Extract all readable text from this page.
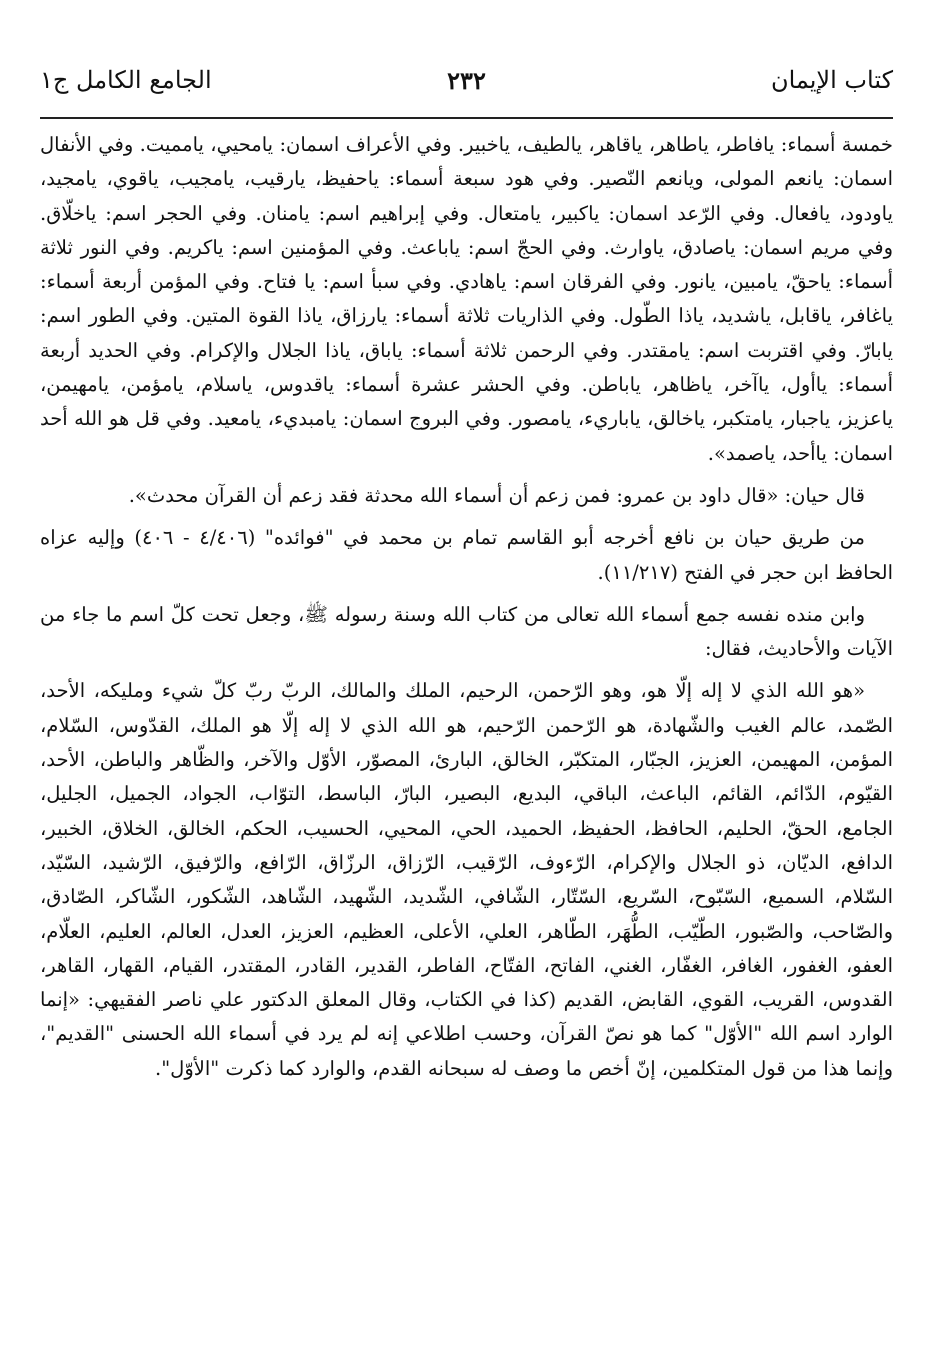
كتاب الإيمان
٢٣٢
الجامع الكامل ج١

خمسة أسماء: يافاطر، ياطاهر، ياقاهر، يالطيف، ياخبير. وفي الأعراف اسمان: يامحيي، يامميت. وفي الأنفال اسمان: يانعم المولى، ويانعم النّصير. وفي هود سبعة أسماء: ياحفيظ، يارقيب، يامجيب، ياقوي، يامجيد، ياودود، يافعال. وفي الرّعد اسمان: ياكبير، يامتعال. وفي إبراهيم اسم: يامنان. وفي الحجر اسم: ياخلّاق. وفي مريم اسمان: ياصادق، ياوارث. وفي الحجّ اسم: ياباعث. وفي المؤمنين اسم: ياكريم. وفي النور ثلاثة أسماء: ياحقّ، يامبين، يانور. وفي الفرقان اسم: ياهادي. وفي سبأ اسم: يا فتاح. وفي المؤمن أربعة أسماء: ياغافر، ياقابل، ياشديد، ياذا الطّول. وفي الذاريات ثلاثة أسماء: يارزاق، ياذا القوة المتين. وفي الطور اسم: يابارّ. وفي اقتربت اسم: يامقتدر. وفي الرحمن ثلاثة أسماء: ياباق، ياذا الجلال والإكرام. وفي الحديد أربعة أسماء: ياأول، ياآخر، ياظاهر، ياباطن. وفي الحشر عشرة أسماء: ياقدوس، ياسلام، يامؤمن، يامهيمن، ياعزيز، ياجبار، يامتكبر، ياخالق، ياباريء، يامصور. وفي البروج اسمان: يامبديء، يامعيد. وفي قل هو الله أحد اسمان: ياأحد، ياصمد».

قال حيان: «قال داود بن عمرو: فمن زعم أن أسماء الله محدثة فقد زعم أن القرآن محدث».

من طريق حيان بن نافع أخرجه أبو القاسم تمام بن محمد في "فوائده" (٤/٤٠٦ - ٤٠٦) وإليه عزاه الحافظ ابن حجر في الفتح (١١/٢١٧).

وابن منده نفسه جمع أسماء الله تعالى من كتاب الله وسنة رسوله ﷺ، وجعل تحت كلّ اسم ما جاء من الآيات والأحاديث، فقال:

«هو الله الذي لا إله إلّا هو، وهو الرّحمن، الرحيم، الملك والمالك، الربّ ربّ كلّ شيء ومليكه، الأحد، الصّمد، عالم الغيب والشّهادة، هو الرّحمن الرّحيم، هو الله الذي لا إله إلّا هو الملك، القدّوس، السّلام، المؤمن، المهيمن، العزيز، الجبّار، المتكبّر، الخالق، البارئ، المصوّر، الأوّل والآخر، والظّاهر والباطن، الأحد، القيّوم، الدّائم، القائم، الباعث، الباقي، البديع، البصير، البارّ، الباسط، التوّاب، الجواد، الجميل، الجليل، الجامع، الحقّ، الحليم، الحافظ، الحفيظ، الحميد، الحي، المحيي، الحسيب، الحكم، الخالق، الخلاق، الخبير، الدافع، الديّان، ذو الجلال والإكرام، الرّءوف، الرّقيب، الرّزاق، الرزّاق، الرّافع، والرّفيق، الرّشيد، السّيّد، السّلام، السميع، السّبّوح، السّريع، السّتّار، الشّافي، الشّديد، الشّهيد، الشّاهد، الشّكور، الشّاكر، الصّادق، والصّاحب، والصّبور، الطّيّب، الطُّهَر، الطّاهر، العلي، الأعلى، العظيم، العزيز، العدل، العالم، العليم، العلّام، العفو، الغفور، الغافر، الغفّار، الغني، الفاتح، الفتّاح، الفاطر، القدير، القادر، المقتدر، القيام، القهار، القاهر، القدوس، القريب، القوي، القابض، القديم (كذا في الكتاب، وقال المعلق الدكتور علي ناصر الفقيهي: «إنما الوارد اسم الله "الأوّل" كما هو نصّ القرآن، وحسب اطلاعي إنه لم يرد في أسماء الله الحسنى "القديم"، وإنما هذا من قول المتكلمين، إنّ أخص ما وصف له سبحانه القدم، والوارد كما ذكرت "الأوّل".
